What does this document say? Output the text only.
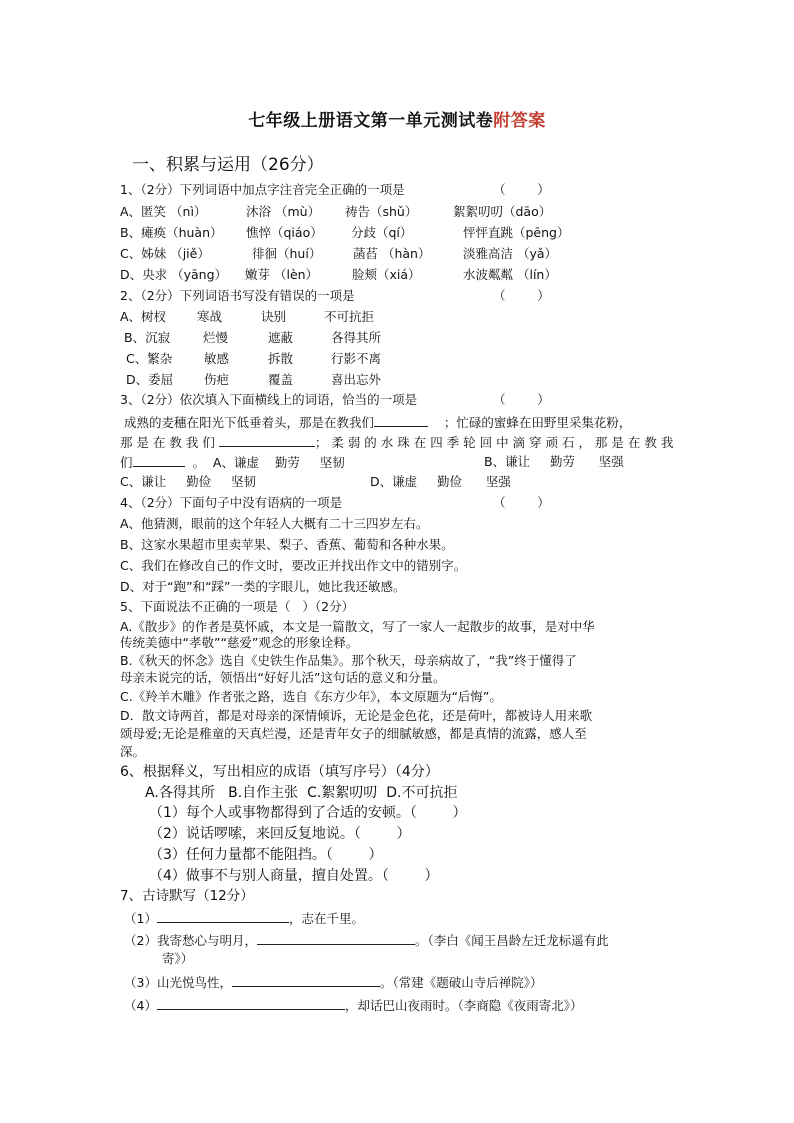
七年级上册语文第一单元测试卷附答案
一、积累与运用（26分）
1、（2分）下列词语中加点字注音完全正确的一项是	（        ）
A、匿笑 （nì）	沐浴 （mù） 祷告（shǔ）	絮絮叨叨（dāo）
B、瘫痪（huàn） 憔悴（qiáo） 分歧（qí）	怦怦直跳（pēng）
C、姊妹 （jiě）	徘徊（huí）	菡萏 （hàn）	淡雅高洁 （yǎ）
D、央求 （yāng） 嫩芽 （lèn）	脸颊（xiá）	水波粼粼 （lín）
2、（2分）下列词语书写没有错误的一项是	（        ）
A、树杈 寒战	诀别	不可抗拒
B、沉寂	烂慢	遮蔽	各得其所
C、繁杂	敏感	拆散	行影不离
D、委屈 伤疤	覆盖	喜出忘外
3、（2分）依次填入下面横线上的词语，恰当的一项是	（        ）
成熟的麦穗在阳光下低垂着头，那是在教我们	；忙碌的蜜蜂在田野里采集花粉，
那 是 在 教 我 们	； 柔 弱 的 水 珠 在 四 季 轮 回 中 滴 穿 顽 石 ， 那 是 在 教 我
们	。  A、谦虚    勤劳     坚韧	B、谦让     勤劳      坚强
C、谦让     勤俭     坚韧	D、谦虚     勤俭      坚强
4、（2分）下面句子中没有语病的一项是	（        ）
A、他猜测，眼前的这个年轻人大概有二十三四岁左右。
B、这家水果超市里卖苹果、梨子、香蕉、葡萄和各种水果。
C、我们在修改自己的作文时，要改正并找出作文中的错别字。
D、对于“跑”和“踩”一类的字眼儿，她比我还敏感。
5、下面说法不正确的一项是（   ）（2分）
A.《散步》的作者是莫怀戚，本文是一篇散文，写了一家人一起散步的故事，是对中华
传统美德中“孝敬”“慈爱”观念的形象诠释。
B.《秋天的怀念》选自《史铁生作品集》。那个秋天，母亲病故了，“我”终于懂得了
母亲未说完的话，领悟出“好好儿活”这句话的意义和分量。
C.《羚羊木雕》作者张之路，选自《东方少年》，本文原题为“后悔”。
D．散文诗两首，都是对母亲的深情倾诉，无论是金色花，还是荷叶，都被诗人用来歌
颂母爱;无论是稚童的天真烂漫，还是青年女子的细腻敏感，都是真情的流露，感人至
深。
6、根据释义，写出相应的成语（填写序号）（4分）
A.各得其所   B.自作主张  C.絮絮叨叨  D.不可抗拒
（1）每个人或事物都得到了合适的安顿。（        ）
（2）说话啰嗦，来回反复地说。（        ）
（3）任何力量都不能阻挡。（        ）
（4）做事不与别人商量，擅自处置。（        ）
7、古诗默写（12分）
（1）	，志在千里。
（2）我寄愁心与明月，	。（李白《闻王昌龄左迁龙标遥有此
寄》）
（3）山光悦鸟性，	。（常建《题破山寺后禅院》）
（4）	，却话巴山夜雨时。（李商隐《夜雨寄北》）
